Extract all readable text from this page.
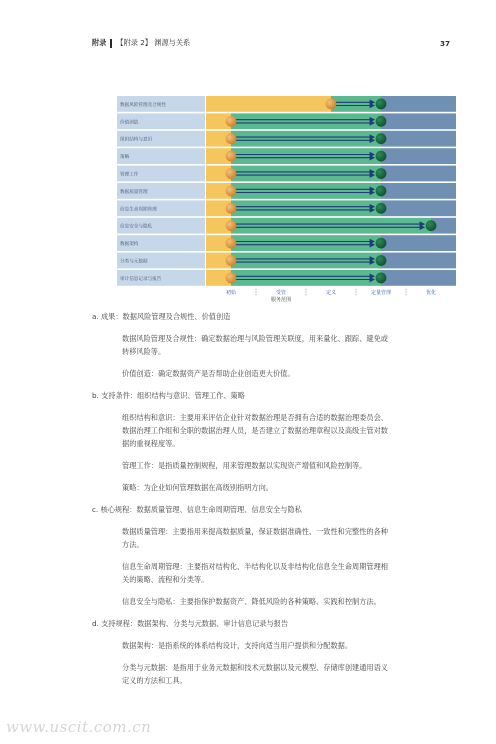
附录 【附录 2】 渊源与关系	37
数据风险管理及合规性
价值创造
组织结构与意识
策略
管理工作
数据质量管理
信息生命周期管理
信息安全与隐私
数据架构
分类与元数据
审计信息记录与报告
初始	受管	定义	定量管理	优化
服务范围

a. 成果：数据风险管理及合规性、价值创造

数据风险管理及合规性：确定数据治理与风险管理关联度，用来量化、跟踪、避免或

转移风险等。

价值创造：确定数据资产是否帮助企业创造更大价值。

b. 支持条件：组织结构与意识、管理工作、策略

组织结构和意识：主要用来评估企业针对数据治理是否拥有合适的数据治理委员会、

数据治理工作组和全职的数据治理人员，是否建立了数据治理章程以及高级主管对数

据的重视程度等。

管理工作：是指质量控制规程，用来管理数据以实现资产增值和风险控制等。

策略：为企业如何管理数据在高级别指明方向。

c. 核心规程：数据质量管理、信息生命周期管理、信息安全与隐私

数据质量管理：主要指用来提高数据质量，保证数据准确性、一致性和完整性的各种

方法。

信息生命周期管理：主要指对结构化、半结构化以及非结构化信息全生命周期管理相

关的策略、流程和分类等。

信息安全与隐私：主要指保护数据资产、降低风险的各种策略、实践和控制方法。

d. 支持规程：数据架构、分类与元数据、审计信息记录与报告

数据架构：是指系统的体系结构设计，支持向适当用户提供和分配数据。

分类与元数据：是指用于业务元数据和技术元数据以及元模型、存储库创建通用语义

定义的方法和工具。

www.uscit.com.cn
